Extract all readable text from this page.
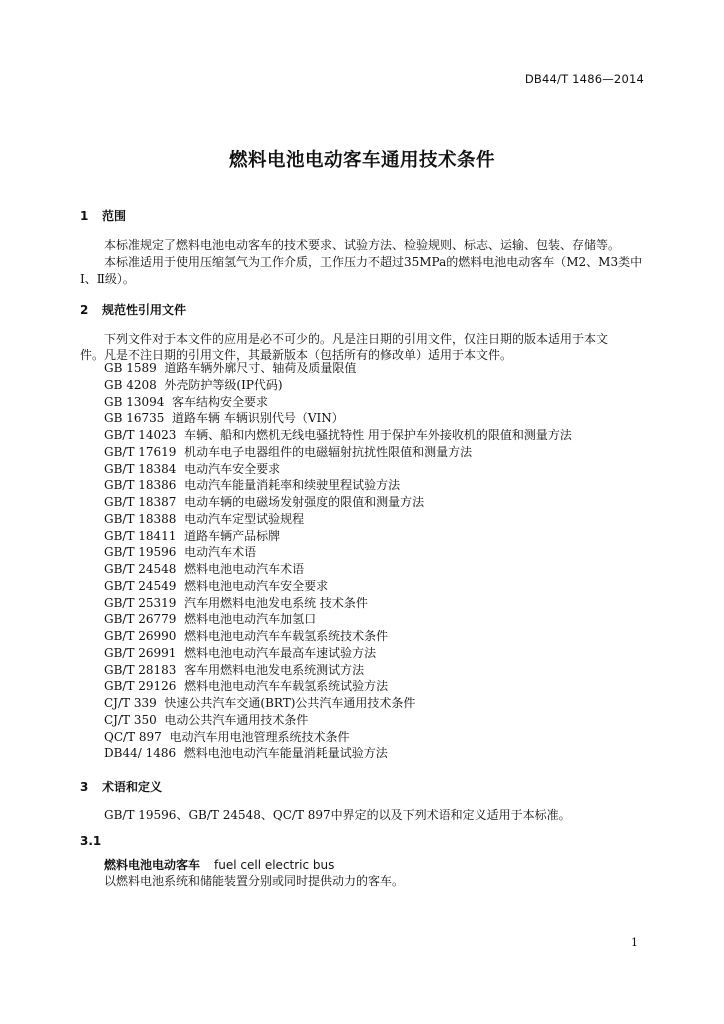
DB44/T 1486—2014
燃料电池电动客车通用技术条件
1 范围
本标准规定了燃料电池电动客车的技术要求、试验方法、检验规则、标志、运输、包装、存储等。
本标准适用于使用压缩氢气为工作介质，工作压力不超过35MPa的燃料电池电动客车（M2、M3类中
Ⅰ、Ⅱ级）。
2 规范性引用文件
下列文件对于本文件的应用是必不可少的。凡是注日期的引用文件，仅注日期的版本适用于本文
件。凡是不注日期的引用文件，其最新版本（包括所有的修改单）适用于本文件。
GB 1589 道路车辆外廓尺寸、轴荷及质量限值
GB 4208 外壳防护等级(IP代码)
GB 13094 客车结构安全要求
GB 16735 道路车辆 车辆识别代号（VIN）
GB/T 14023 车辆、船和内燃机无线电骚扰特性 用于保护车外接收机的限值和测量方法
GB/T 17619 机动车电子电器组件的电磁辐射抗扰性限值和测量方法
GB/T 18384 电动汽车安全要求
GB/T 18386 电动汽车能量消耗率和续驶里程试验方法
GB/T 18387 电动车辆的电磁场发射强度的限值和测量方法
GB/T 18388 电动汽车定型试验规程
GB/T 18411 道路车辆产品标牌
GB/T 19596 电动汽车术语
GB/T 24548 燃料电池电动汽车术语
GB/T 24549 燃料电池电动汽车安全要求
GB/T 25319 汽车用燃料电池发电系统 技术条件
GB/T 26779 燃料电池电动汽车加氢口
GB/T 26990 燃料电池电动汽车车载氢系统技术条件
GB/T 26991 燃料电池电动汽车最高车速试验方法
GB/T 28183 客车用燃料电池发电系统测试方法
GB/T 29126 燃料电池电动汽车车载氢系统试验方法
CJ/T 339 快速公共汽车交通(BRT)公共汽车通用技术条件
CJ/T 350 电动公共汽车通用技术条件
QC/T 897 电动汽车用电池管理系统技术条件
DB44/ 1486 燃料电池电动汽车能量消耗量试验方法
3 术语和定义
GB/T 19596、GB/T 24548、QC/T 897中界定的以及下列术语和定义适用于本标准。
3.1
燃料电池电动客车 fuel cell electric bus
以燃料电池系统和储能装置分别或同时提供动力的客车。
1
